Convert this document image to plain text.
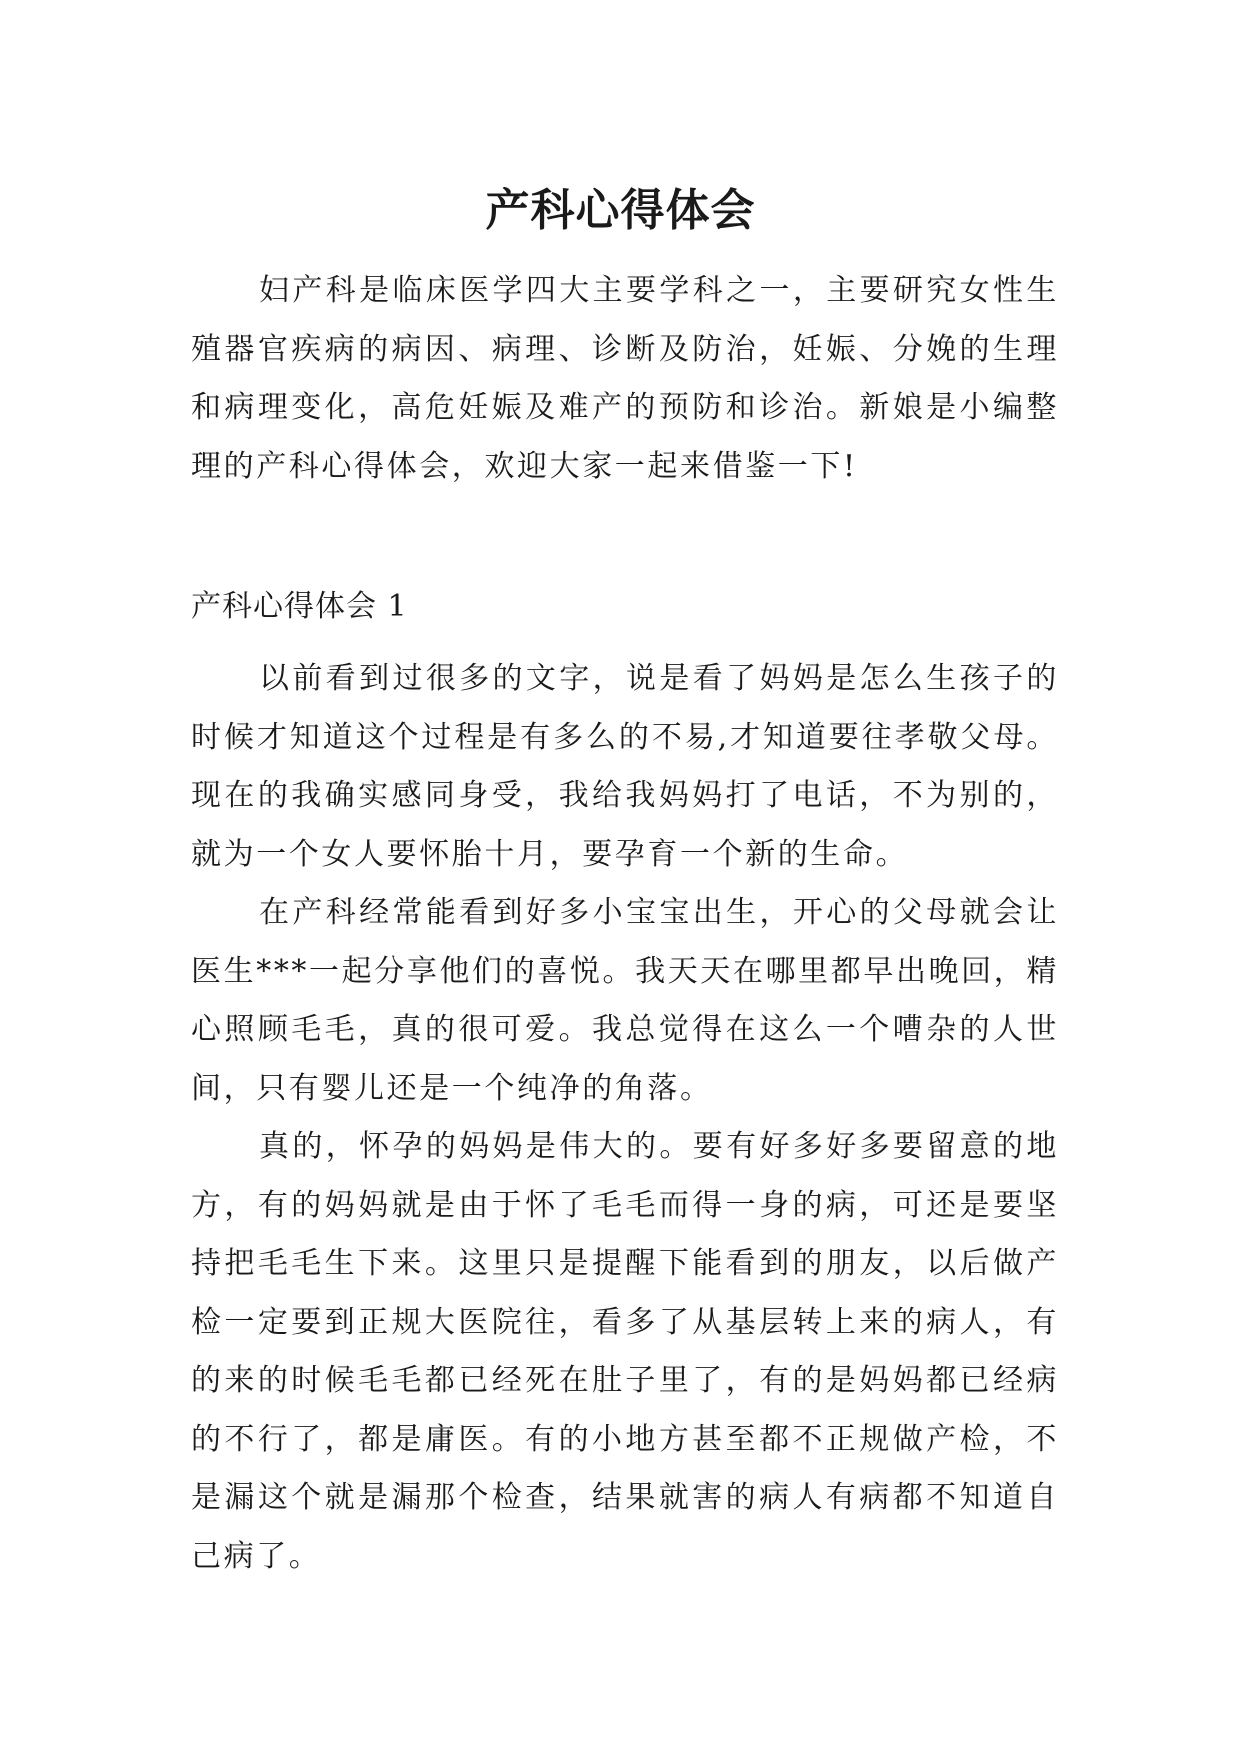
产科心得体会

妇产科是临床医学四大主要学科之一，主要研究女性生殖器官疾病的病因、病理、诊断及防治，妊娠、分娩的生理和病理变化，高危妊娠及难产的预防和诊治。新娘是小编整理的产科心得体会，欢迎大家一起来借鉴一下!

产科心得体会 1

以前看到过很多的文字，说是看了妈妈是怎么生孩子的时候才知道这个过程是有多么的不易,才知道要往孝敬父母。现在的我确实感同身受，我给我妈妈打了电话，不为别的，就为一个女人要怀胎十月，要孕育一个新的生命。

在产科经常能看到好多小宝宝出生，开心的父母就会让医生***一起分享他们的喜悦。我天天在哪里都早出晚回，精心照顾毛毛，真的很可爱。我总觉得在这么一个嘈杂的人世间，只有婴儿还是一个纯净的角落。

真的，怀孕的妈妈是伟大的。要有好多好多要留意的地方，有的妈妈就是由于怀了毛毛而得一身的病，可还是要坚持把毛毛生下来。这里只是提醒下能看到的朋友，以后做产检一定要到正规大医院往，看多了从基层转上来的病人，有的来的时候毛毛都已经死在肚子里了，有的是妈妈都已经病的不行了，都是庸医。有的小地方甚至都不正规做产检，不是漏这个就是漏那个检查，结果就害的病人有病都不知道自己病了。
